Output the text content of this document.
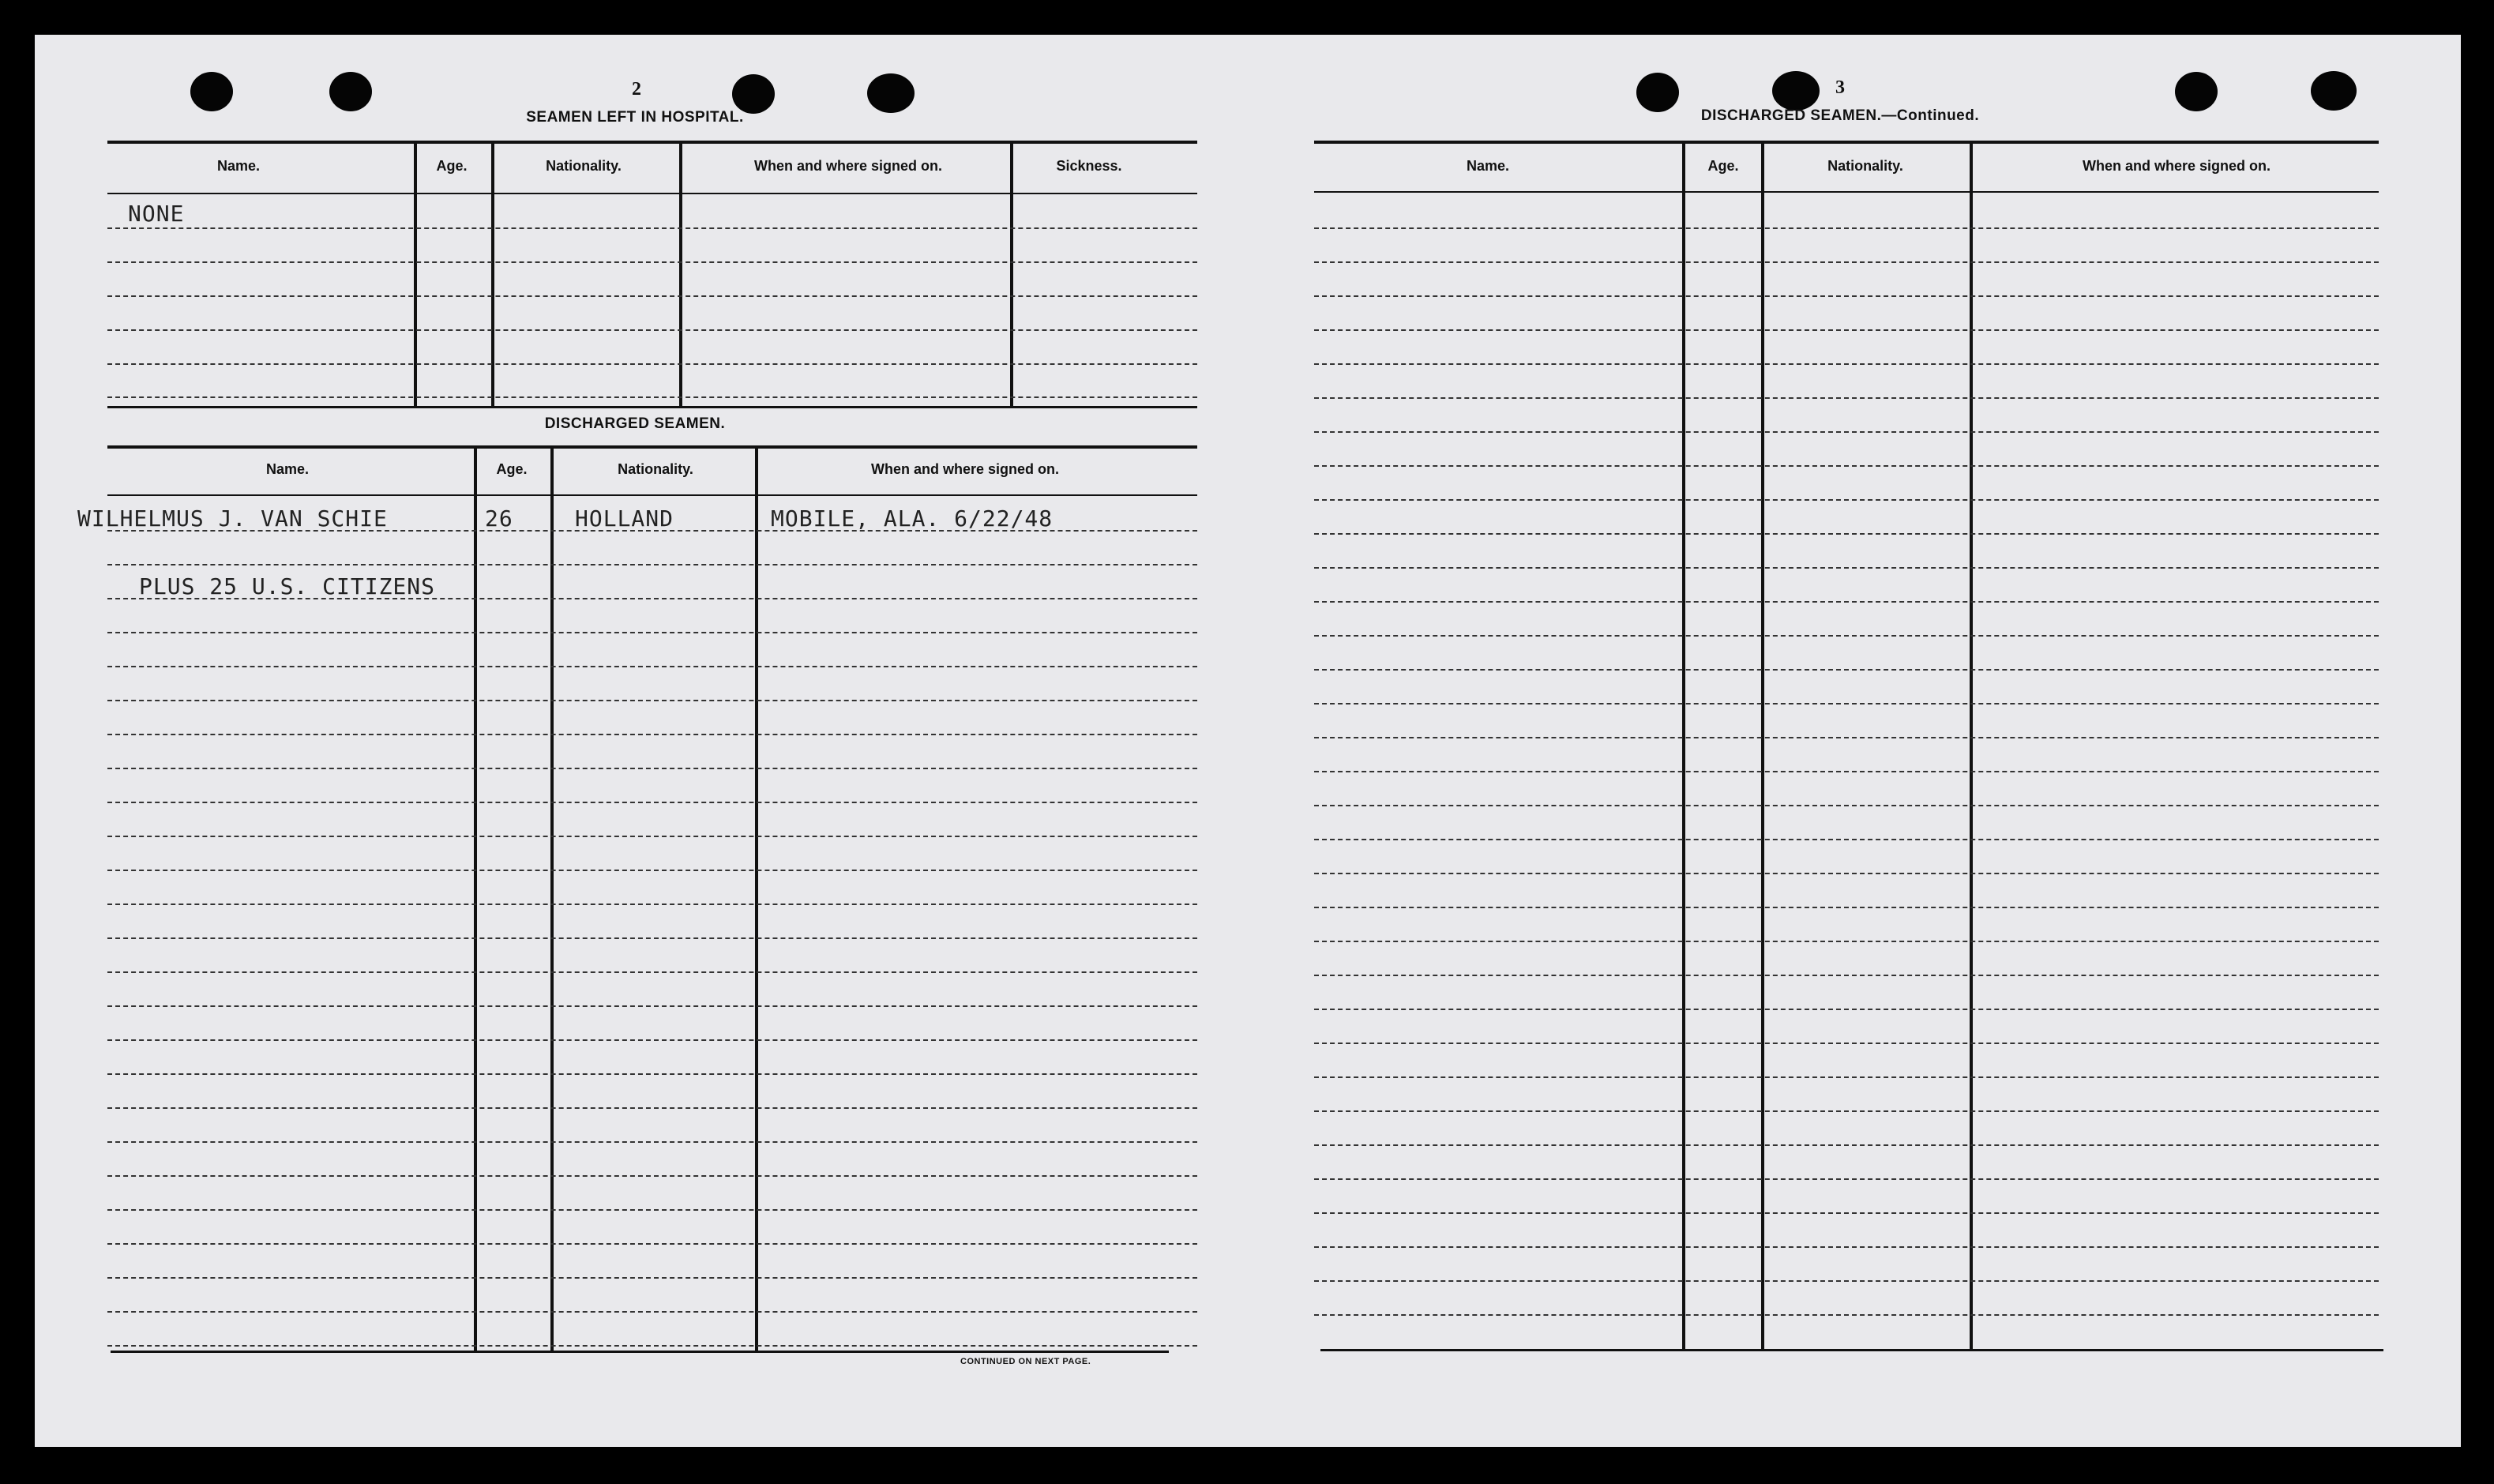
2
SEAMEN LEFT IN HOSPITAL.
Name.	Age.	Nationality.	When and where signed on.	Sickness.
NONE
DISCHARGED SEAMEN.
Name.	Age.	Nationality.	When and where signed on.
WILHELMUS J. VAN SCHIE	26	HOLLAND	MOBILE, ALA. 6/22/48
PLUS 25 U.S. CITIZENS
CONTINUED ON NEXT PAGE.
3
DISCHARGED SEAMEN.—Continued.
Name.	Age.	Nationality.	When and where signed on.
